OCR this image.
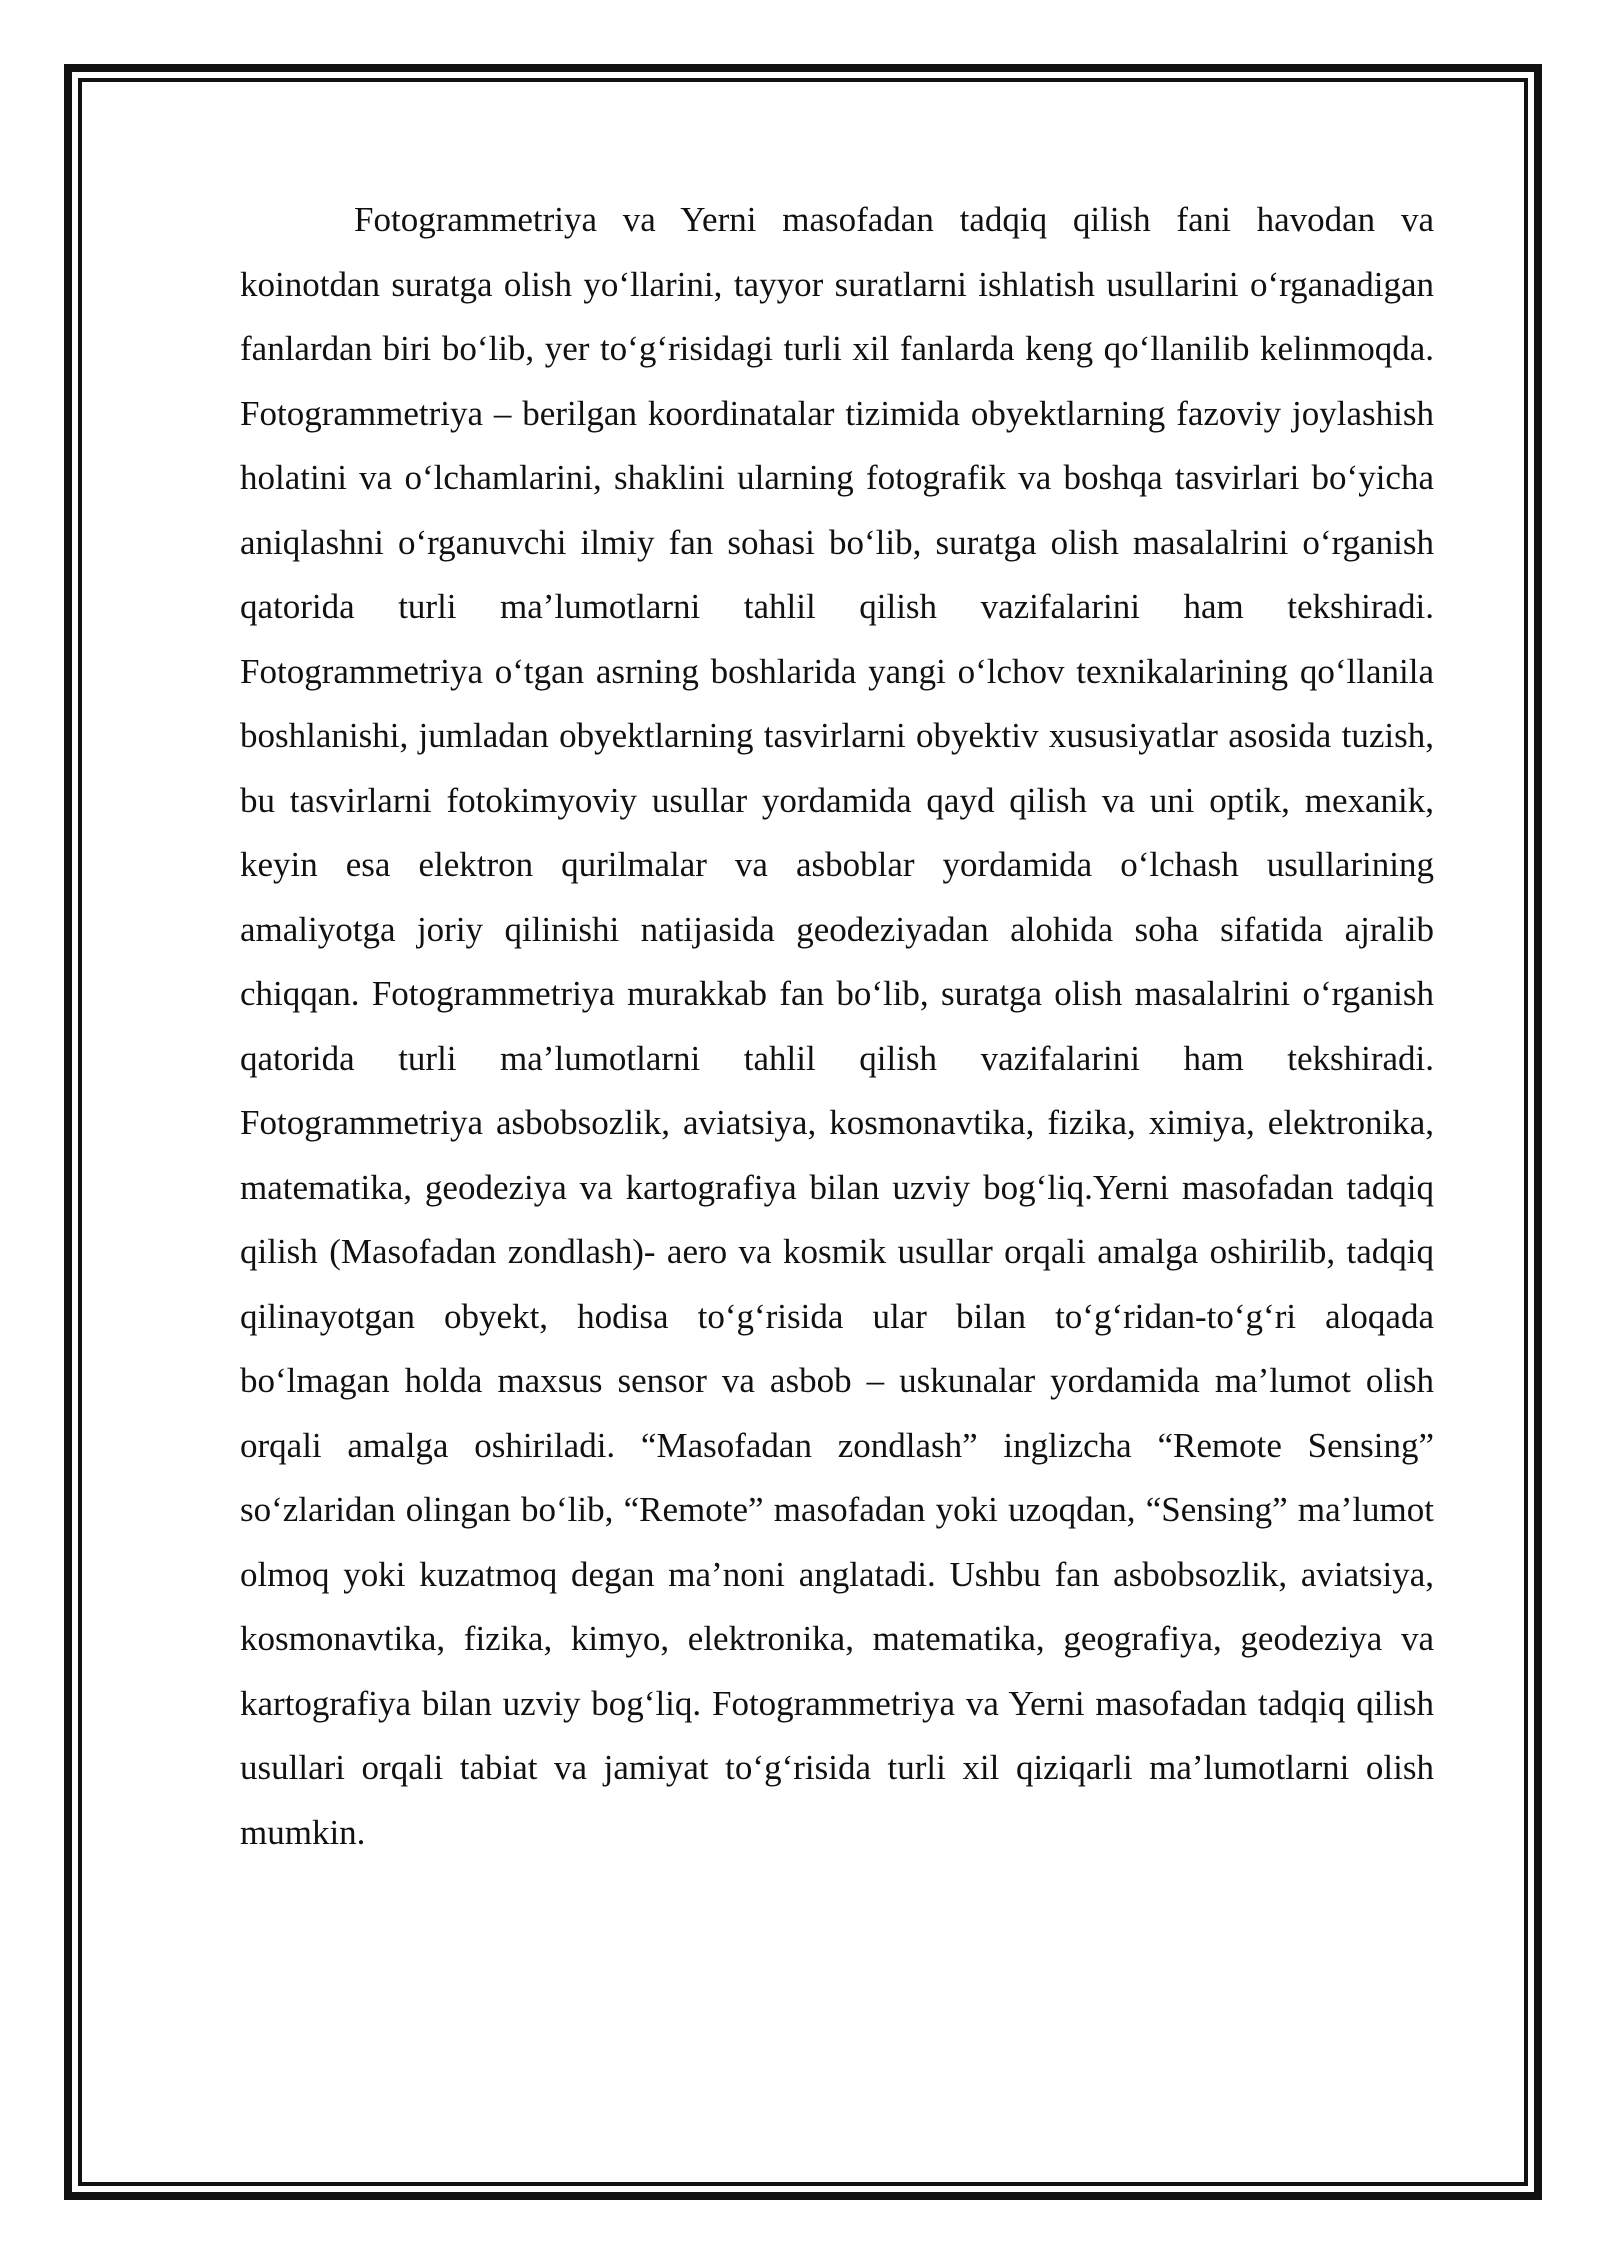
Fotogrammetriya va Yerni masofadan tadqiq qilish fani havodan va koinotdan suratga olish yo‘llarini, tayyor suratlarni ishlatish usullarini o‘rganadigan fanlardan biri bo‘lib, yer to‘g‘risidagi turli xil fanlarda keng qo‘llanilib kelinmoqda. Fotogrammetriya – berilgan koordinatalar tizimida obyektlarning fazoviy joylashish holatini va o‘lchamlarini, shaklini ularning fotografik va boshqa tasvirlari bo‘yicha aniqlashni o‘rganuvchi ilmiy fan sohasi bo‘lib, suratga olish masalalrini o‘rganish qatorida turli ma’lumotlarni tahlil qilish vazifalarini ham tekshiradi. Fotogrammetriya o‘tgan asrning boshlarida yangi o‘lchov texnikalarining qo‘llanila boshlanishi, jumladan obyektlarning tasvirlarni obyektiv xususiyatlar asosida tuzish, bu tasvirlarni fotokimyoviy usullar yordamida qayd qilish va uni optik, mexanik, keyin esa elektron qurilmalar va asboblar yordamida o‘lchash usullarining amaliyotga joriy qilinishi natijasida geodeziyadan alohida soha sifatida ajralib chiqqan. Fotogrammetriya murakkab fan bo‘lib, suratga olish masalalrini o‘rganish qatorida turli ma’lumotlarni tahlil qilish vazifalarini ham tekshiradi. Fotogrammetriya asbobsozlik, aviatsiya, kosmonavtika, fizika, ximiya, elektronika, matematika, geodeziya va kartografiya bilan uzviy bog‘liq.Yerni masofadan tadqiq qilish (Masofadan zondlash)- aero va kosmik usullar orqali amalga oshirilib, tadqiq qilinayotgan obyekt, hodisa to‘g‘risida ular bilan to‘g‘ridan-to‘g‘ri aloqada bo‘lmagan holda maxsus sensor va asbob – uskunalar yordamida ma’lumot olish orqali amalga oshiriladi. “Masofadan zondlash” inglizcha “Remote Sensing” so‘zlaridan olingan bo‘lib, “Remote” masofadan yoki uzoqdan, “Sensing” ma’lumot olmoq yoki kuzatmoq degan ma’noni anglatadi. Ushbu fan asbobsozlik, aviatsiya, kosmonavtika, fizika, kimyo, elektronika, matematika, geografiya, geodeziya va kartografiya bilan uzviy bog‘liq. Fotogrammetriya va Yerni masofadan tadqiq qilish usullari orqali tabiat va jamiyat to‘g‘risida turli xil qiziqarli ma’lumotlarni olish mumkin.
